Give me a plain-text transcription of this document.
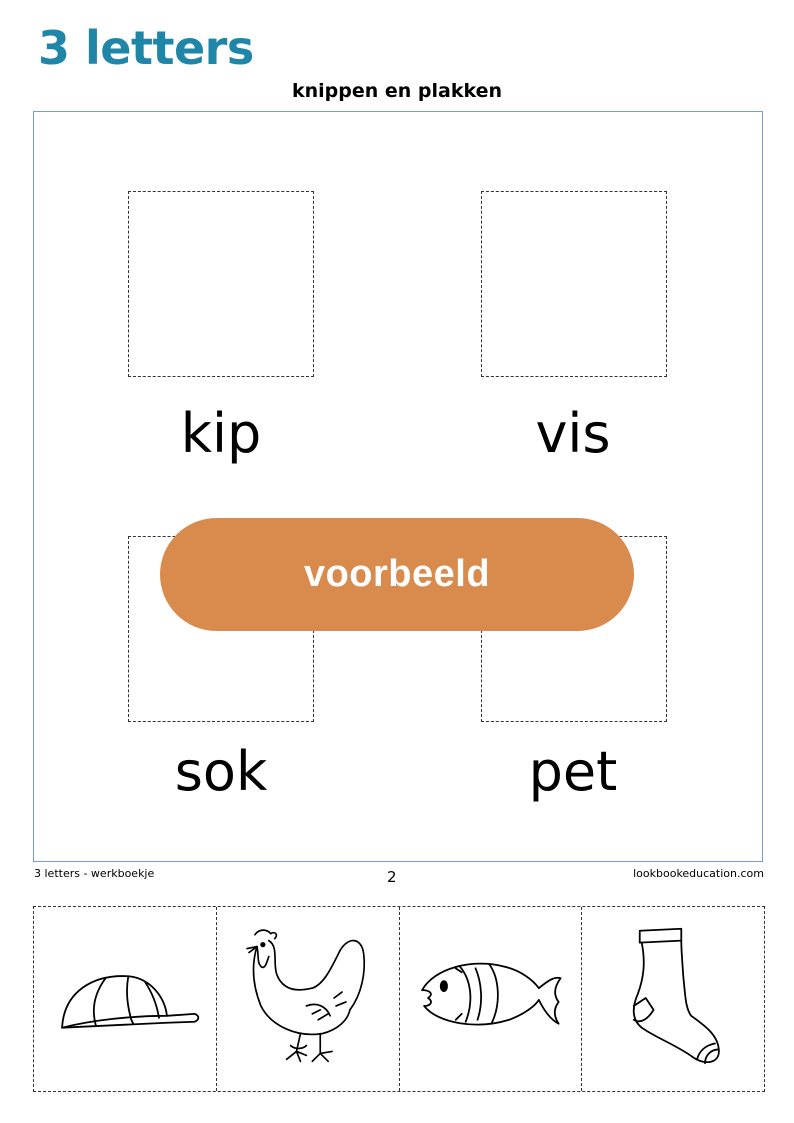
3 letters
knippen en plakken
kip	vis
sok	pet
voorbeeld
3 letters - werkboekje	2	lookbookeducation.com
